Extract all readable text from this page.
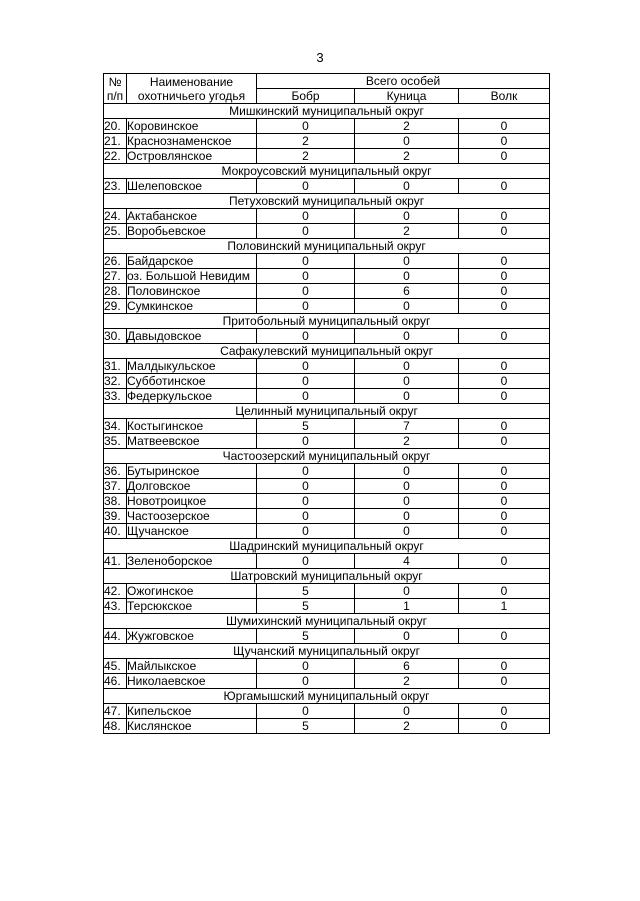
3
№ п/п	Наименование охотничьего угодья	Всего особей		
		Бобр	Куница	Волк
Мишкинский муниципальный округ				
20.	Коровинское	0	2	0
21.	Краснознаменское	2	0	0
22.	Островлянское	2	2	0
Мокроусовский муниципальный округ				
23.	Шелеповское	0	0	0
Петуховский муниципальный округ				
24.	Актабанское	0	0	0
25.	Воробьевское	0	2	0
Половинский муниципальный округ				
26.	Байдарское	0	0	0
27.	оз. Большой Невидим	0	0	0
28.	Половинское	0	6	0
29.	Сумкинское	0	0	0
Притобольный муниципальный округ				
30.	Давыдовское	0	0	0
Сафакулевский муниципальный округ				
31.	Малдыкульское	0	0	0
32.	Субботинское	0	0	0
33.	Федеркульское	0	0	0
Целинный муниципальный округ				
34.	Костыгинское	5	7	0
35.	Матвеевское	0	2	0
Частоозерский муниципальный округ				
36.	Бутыринское	0	0	0
37.	Долговское	0	0	0
38.	Новотроицкое	0	0	0
39.	Частоозерское	0	0	0
40.	Щучанское	0	0	0
Шадринский муниципальный округ				
41.	Зеленоборское	0	4	0
Шатровский муниципальный округ				
42.	Ожогинское	5	0	0
43.	Терсюкское	5	1	1
Шумихинский муниципальный округ				
44.	Жужговское	5	0	0
Щучанский муниципальный округ				
45.	Майлыкское	0	6	0
46.	Николаевское	0	2	0
Юргамышский муниципальный округ				
47.	Кипельское	0	0	0
48.	Кислянское	5	2	0
